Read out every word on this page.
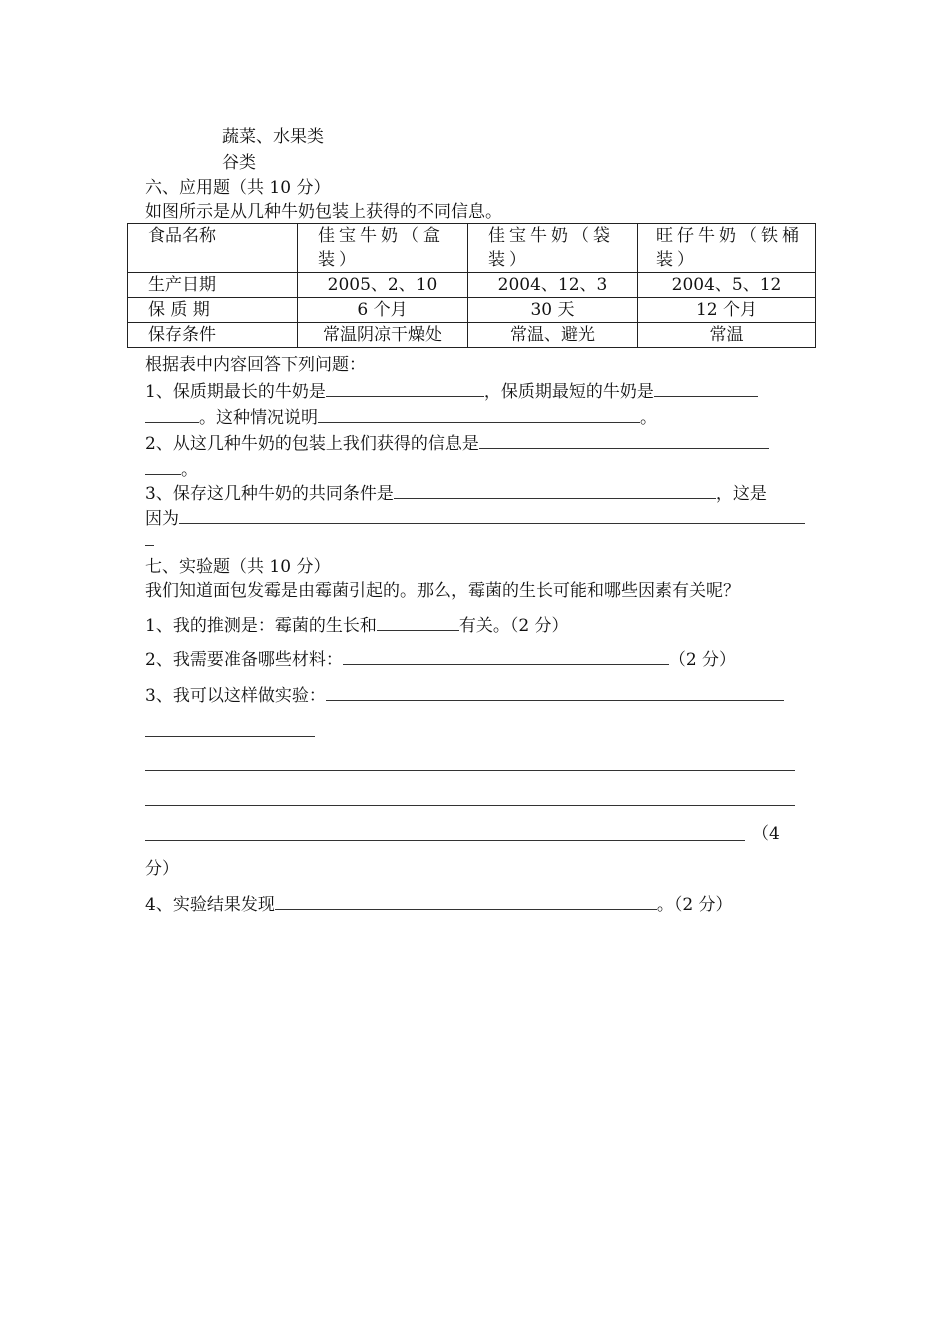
蔬菜、水果类
谷类
六、应用题（共 10 分）
如图所示是从几种牛奶包装上获得的不同信息。
食品名称	佳宝牛奶（盒装）	佳宝牛奶（袋装）	旺仔牛奶（铁桶装）
生产日期	2005、2、10	2004、12、3	2004、5、12
保 质 期	6 个月	30 天	12 个月
保存条件	常温阴凉干燥处	常温、避光	常温
根据表中内容回答下列问题：
1、保质期最长的牛奶是	，保质期最短的牛奶是
。这种情况说明	。
2、从这几种牛奶的包装上我们获得的信息是
。
3、保存这几种牛奶的共同条件是	，这是
因为
七、实验题（共 10 分）
我们知道面包发霉是由霉菌引起的。那么，霉菌的生长可能和哪些因素有关呢？
1、我的推测是：霉菌的生长和	有关。（2 分）
2、我需要准备哪些材料：	（2 分）
3、我可以这样做实验：
（4
分）
4、实验结果发现	。（2 分）
